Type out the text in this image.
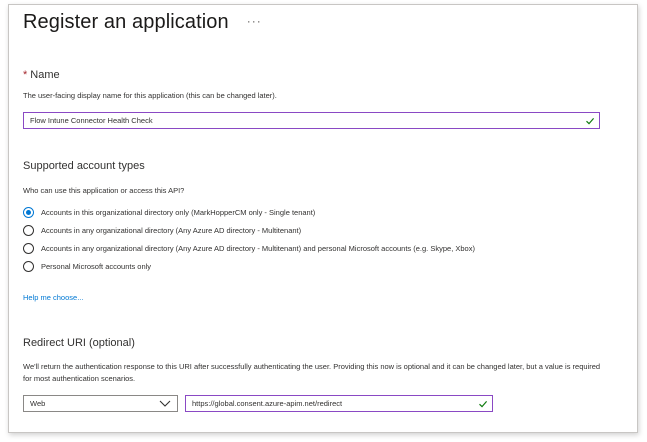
Register an application ···
* Name
The user-facing display name for this application (this can be changed later).
Flow Intune Connector Health Check
Supported account types
Who can use this application or access this API?
Accounts in this organizational directory only (MarkHopperCM only - Single tenant)
Accounts in any organizational directory (Any Azure AD directory - Multitenant)
Accounts in any organizational directory (Any Azure AD directory - Multitenant) and personal Microsoft accounts (e.g. Skype, Xbox)
Personal Microsoft accounts only
Help me choose...
Redirect URI (optional)
We'll return the authentication response to this URI after successfully authenticating the user. Providing this now is optional and it can be changed later, but a value is required for most authentication scenarios.
Web
https://global.consent.azure-apim.net/redirect
